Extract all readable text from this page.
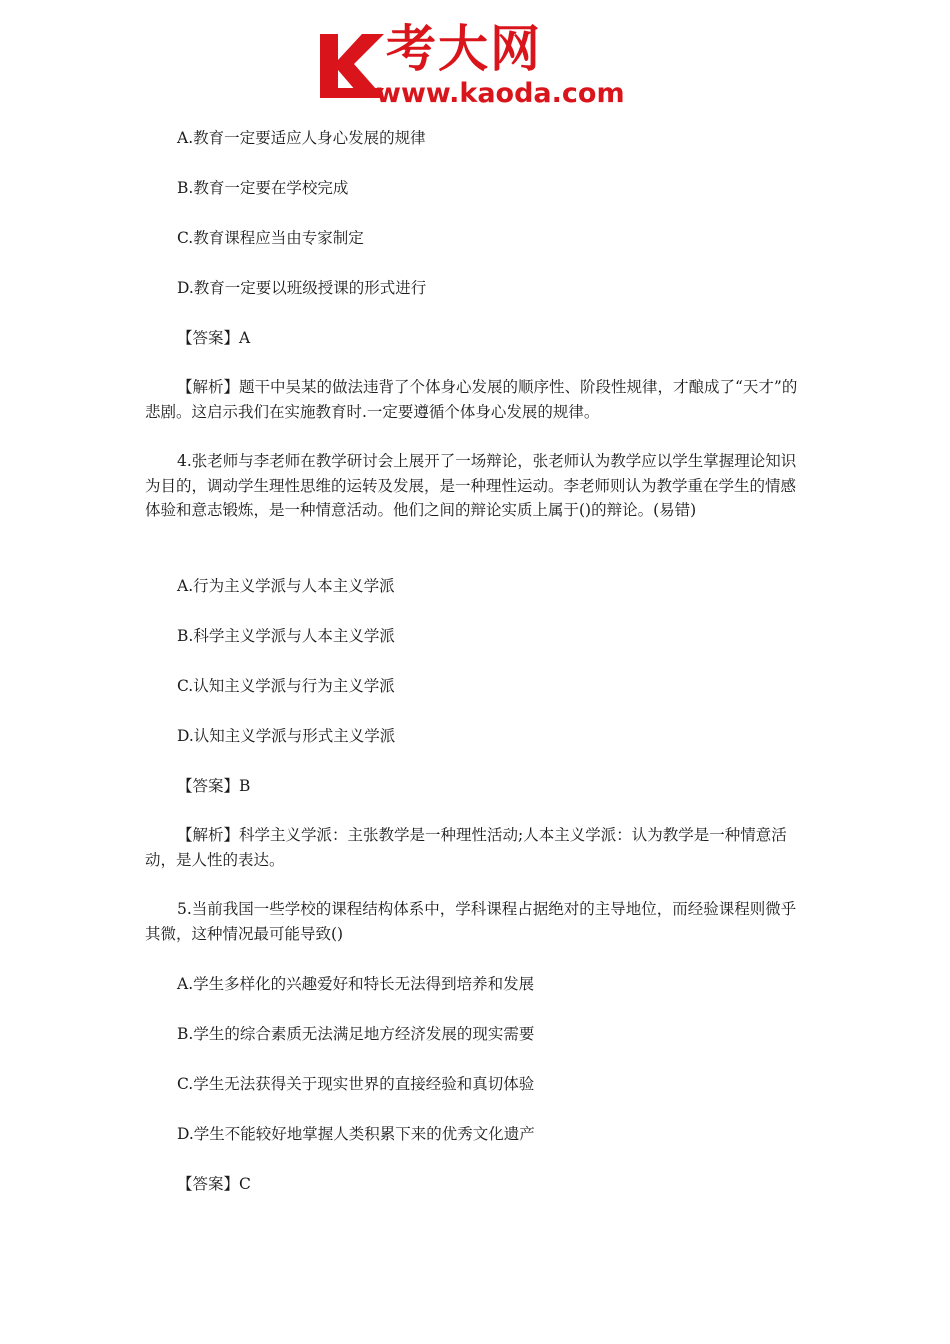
考大网
www.kaoda.com
A.教育一定要适应人身心发展的规律
B.教育一定要在学校完成
C.教育课程应当由专家制定
D.教育一定要以班级授课的形式进行
【答案】A
【解析】题干中吴某的做法违背了个体身心发展的顺序性、阶段性规律，才酿成了“天才”的悲剧。这启示我们在实施教育时.一定要遵循个体身心发展的规律。
4.张老师与李老师在教学研讨会上展开了一场辩论，张老师认为教学应以学生掌握理论知识为目的，调动学生理性思维的运转及发展，是一种理性运动。李老师则认为教学重在学生的情感体验和意志锻炼，是一种情意活动。他们之间的辩论实质上属于()的辩论。(易错)
A.行为主义学派与人本主义学派
B.科学主义学派与人本主义学派
C.认知主义学派与行为主义学派
D.认知主义学派与形式主义学派
【答案】B
【解析】科学主义学派：主张教学是一种理性活动;人本主义学派：认为教学是一种情意活动，是人性的表达。
5.当前我国一些学校的课程结构体系中，学科课程占据绝对的主导地位，而经验课程则微乎其微，这种情况最可能导致()
A.学生多样化的兴趣爱好和特长无法得到培养和发展
B.学生的综合素质无法满足地方经济发展的现实需要
C.学生无法获得关于现实世界的直接经验和真切体验
D.学生不能较好地掌握人类积累下来的优秀文化遗产
【答案】C
